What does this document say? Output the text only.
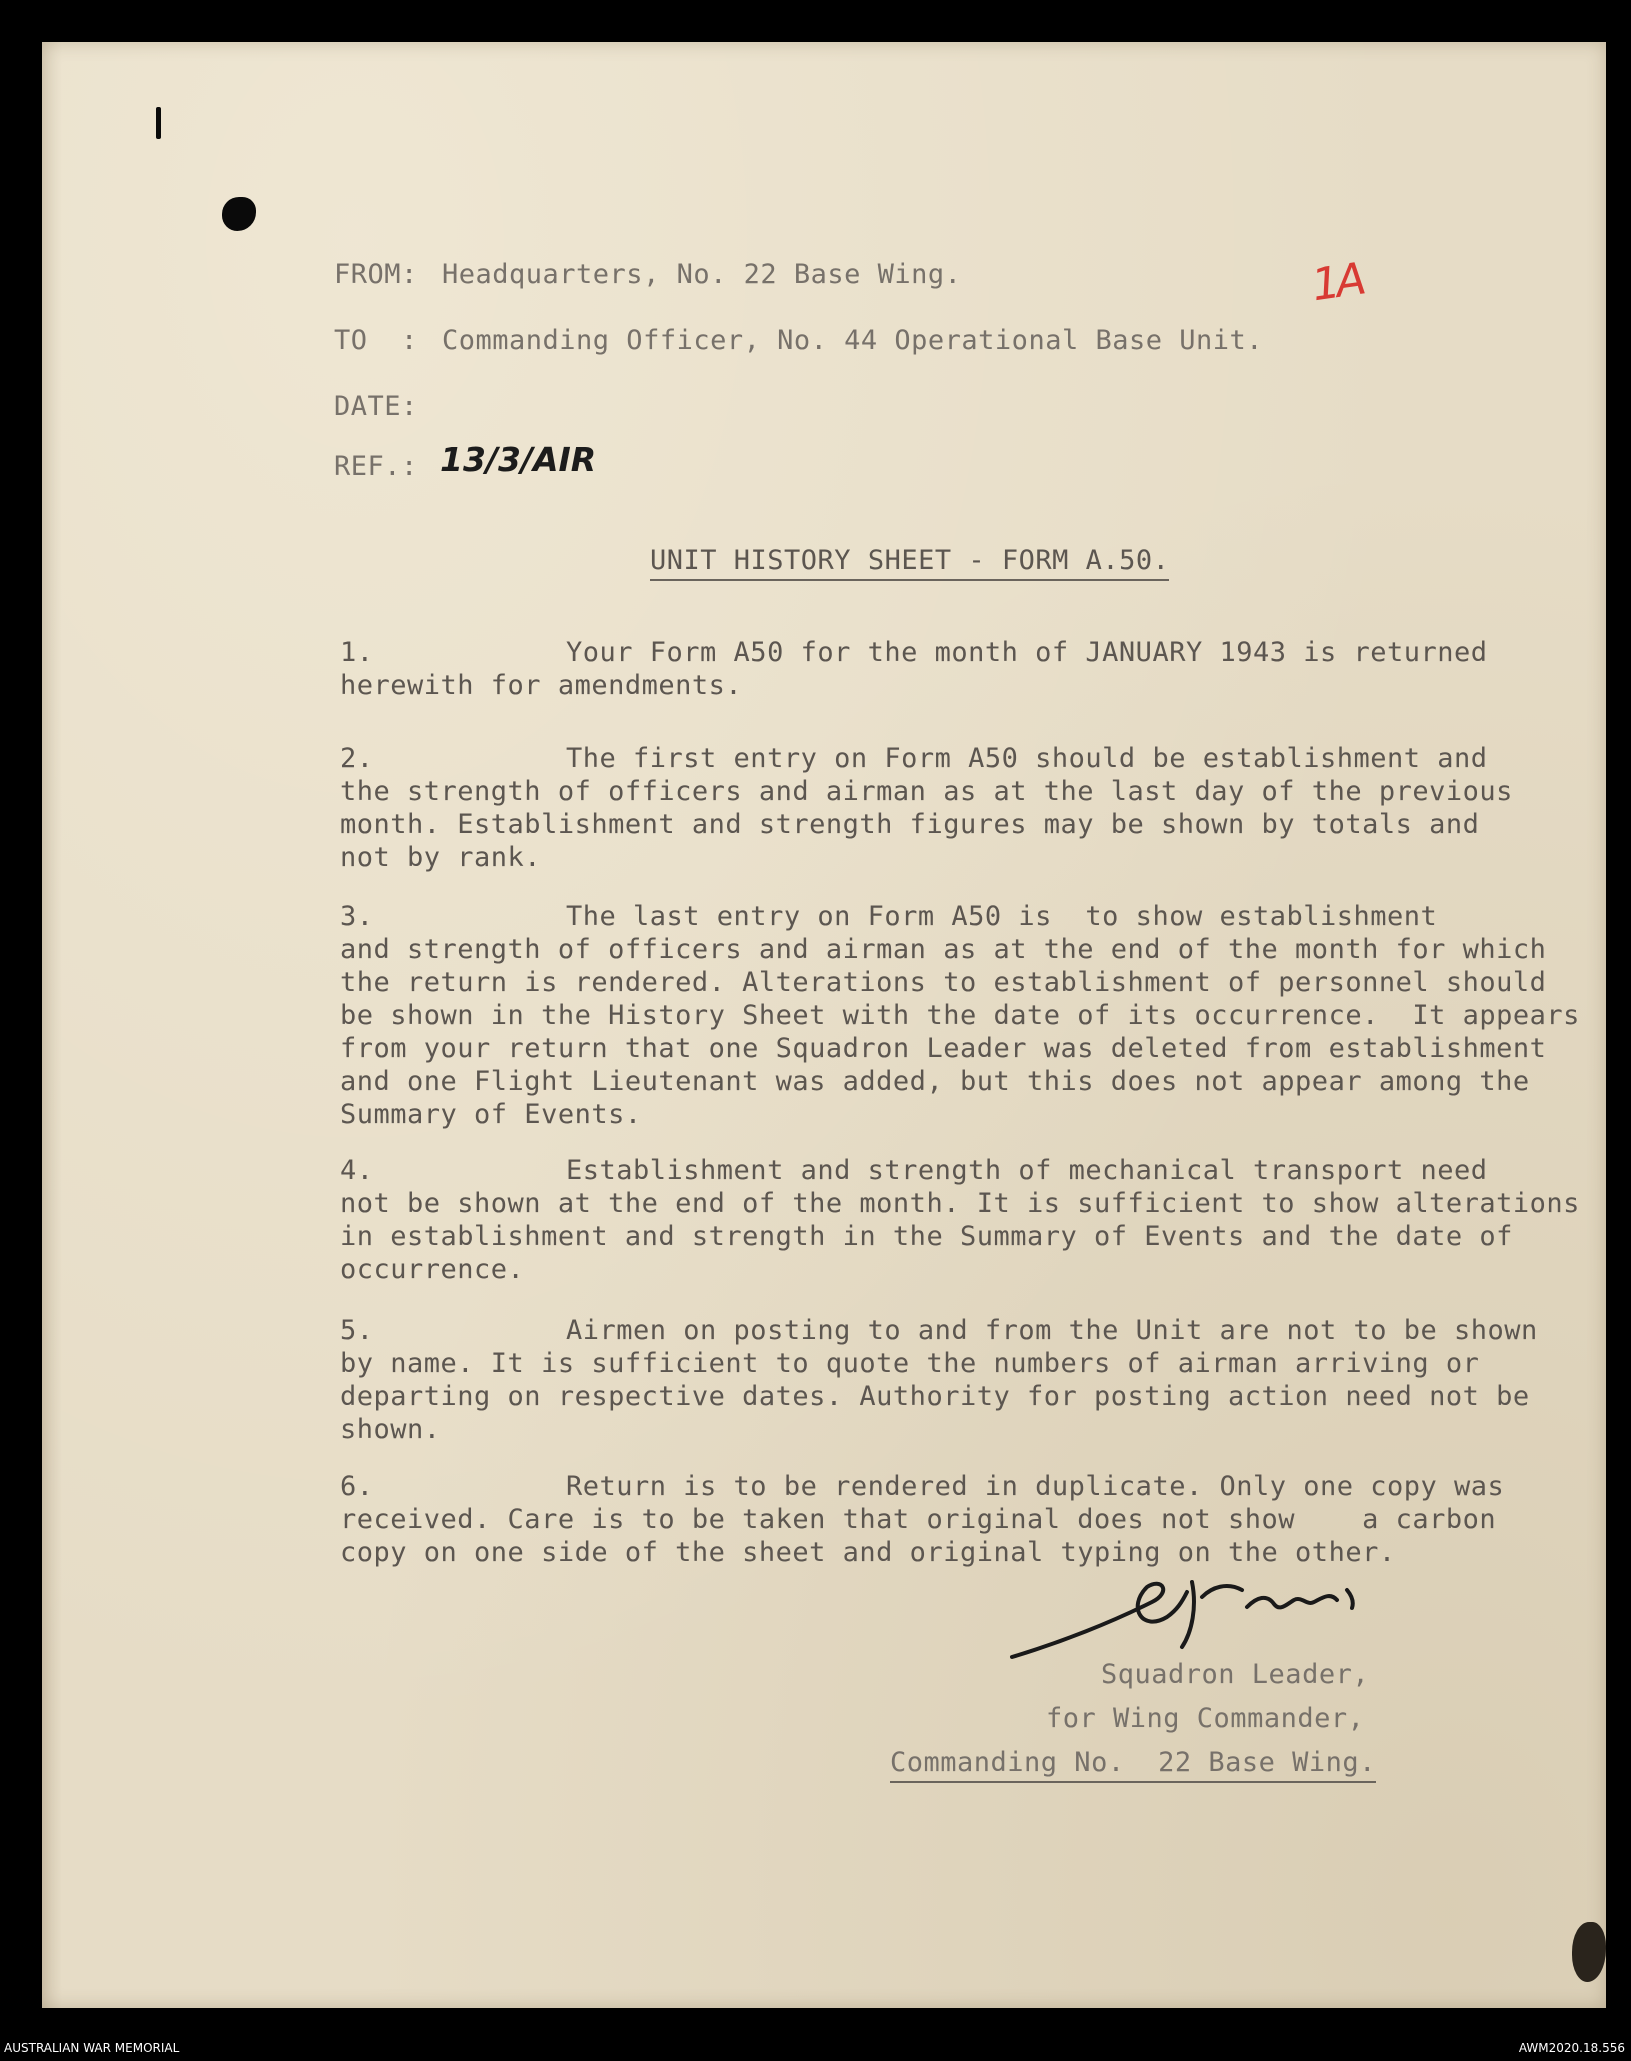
1A
FROM: Headquarters, No. 22 Base Wing.
TO  : Commanding Officer, No. 44 Operational Base Unit.
DATE:
REF.: 13/3/AIR
UNIT HISTORY SHEET - FORM A.50.
1.	Your Form A50 for the month of JANUARY 1943 is returned
herewith for amendments.
2.	The first entry on Form A50 should be establishment and
the strength of officers and airman as at the last day of the previous
month. Establishment and strength figures may be shown by totals and
not by rank.
3.	The last entry on Form A50 is  to show establishment
and strength of officers and airman as at the end of the month for which
the return is rendered. Alterations to establishment of personnel should
be shown in the History Sheet with the date of its occurrence.  It appears
from your return that one Squadron Leader was deleted from establishment
and one Flight Lieutenant was added, but this does not appear among the
Summary of Events.
4.	Establishment and strength of mechanical transport need
not be shown at the end of the month. It is sufficient to show alterations
in establishment and strength in the Summary of Events and the date of
occurrence.
5.	Airmen on posting to and from the Unit are not to be shown
by name. It is sufficient to quote the numbers of airman arriving or
departing on respective dates. Authority for posting action need not be
shown.
6.	Return is to be rendered in duplicate. Only one copy was
received. Care is to be taken that original does not show    a carbon
copy on one side of the sheet and original typing on the other.
Squadron Leader,
for Wing Commander,
Commanding No.  22 Base Wing.
AUSTRALIAN WAR MEMORIAL	AWM2020.18.556
